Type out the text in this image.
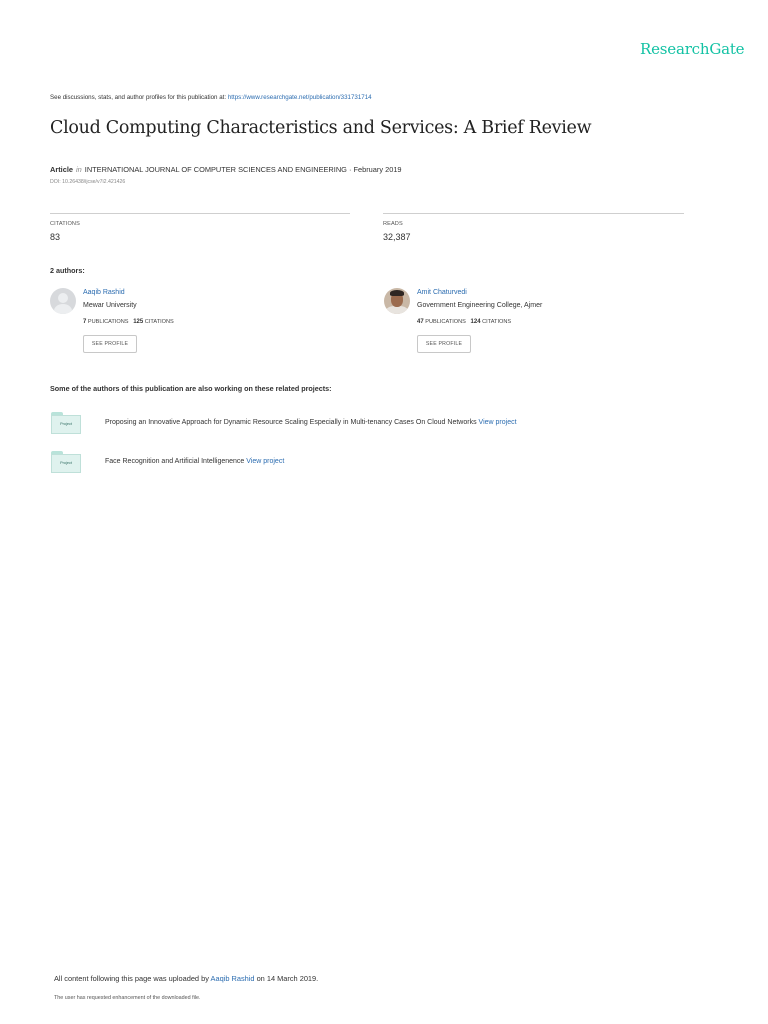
ResearchGate
See discussions, stats, and author profiles for this publication at: https://www.researchgate.net/publication/331731714
Cloud Computing Characteristics and Services: A Brief Review
Article in INTERNATIONAL JOURNAL OF COMPUTER SCIENCES AND ENGINEERING · February 2019
DOI: 10.26438/ijcse/v7i2.421426
CITATIONS
83
READS
32,387
2 authors:
Aaqib Rashid
Mewar University
7 PUBLICATIONS 125 CITATIONS
SEE PROFILE
Amit Chaturvedi
Government Engineering College, Ajmer
47 PUBLICATIONS 124 CITATIONS
SEE PROFILE
Some of the authors of this publication are also working on these related projects:
Project	Proposing an Innovative Approach for Dynamic Resource Scaling Especially in Multi-tenancy Cases On Cloud Networks View project
Project	Face Recognition and Artificial Intelligenence View project
All content following this page was uploaded by Aaqib Rashid on 14 March 2019.
The user has requested enhancement of the downloaded file.
